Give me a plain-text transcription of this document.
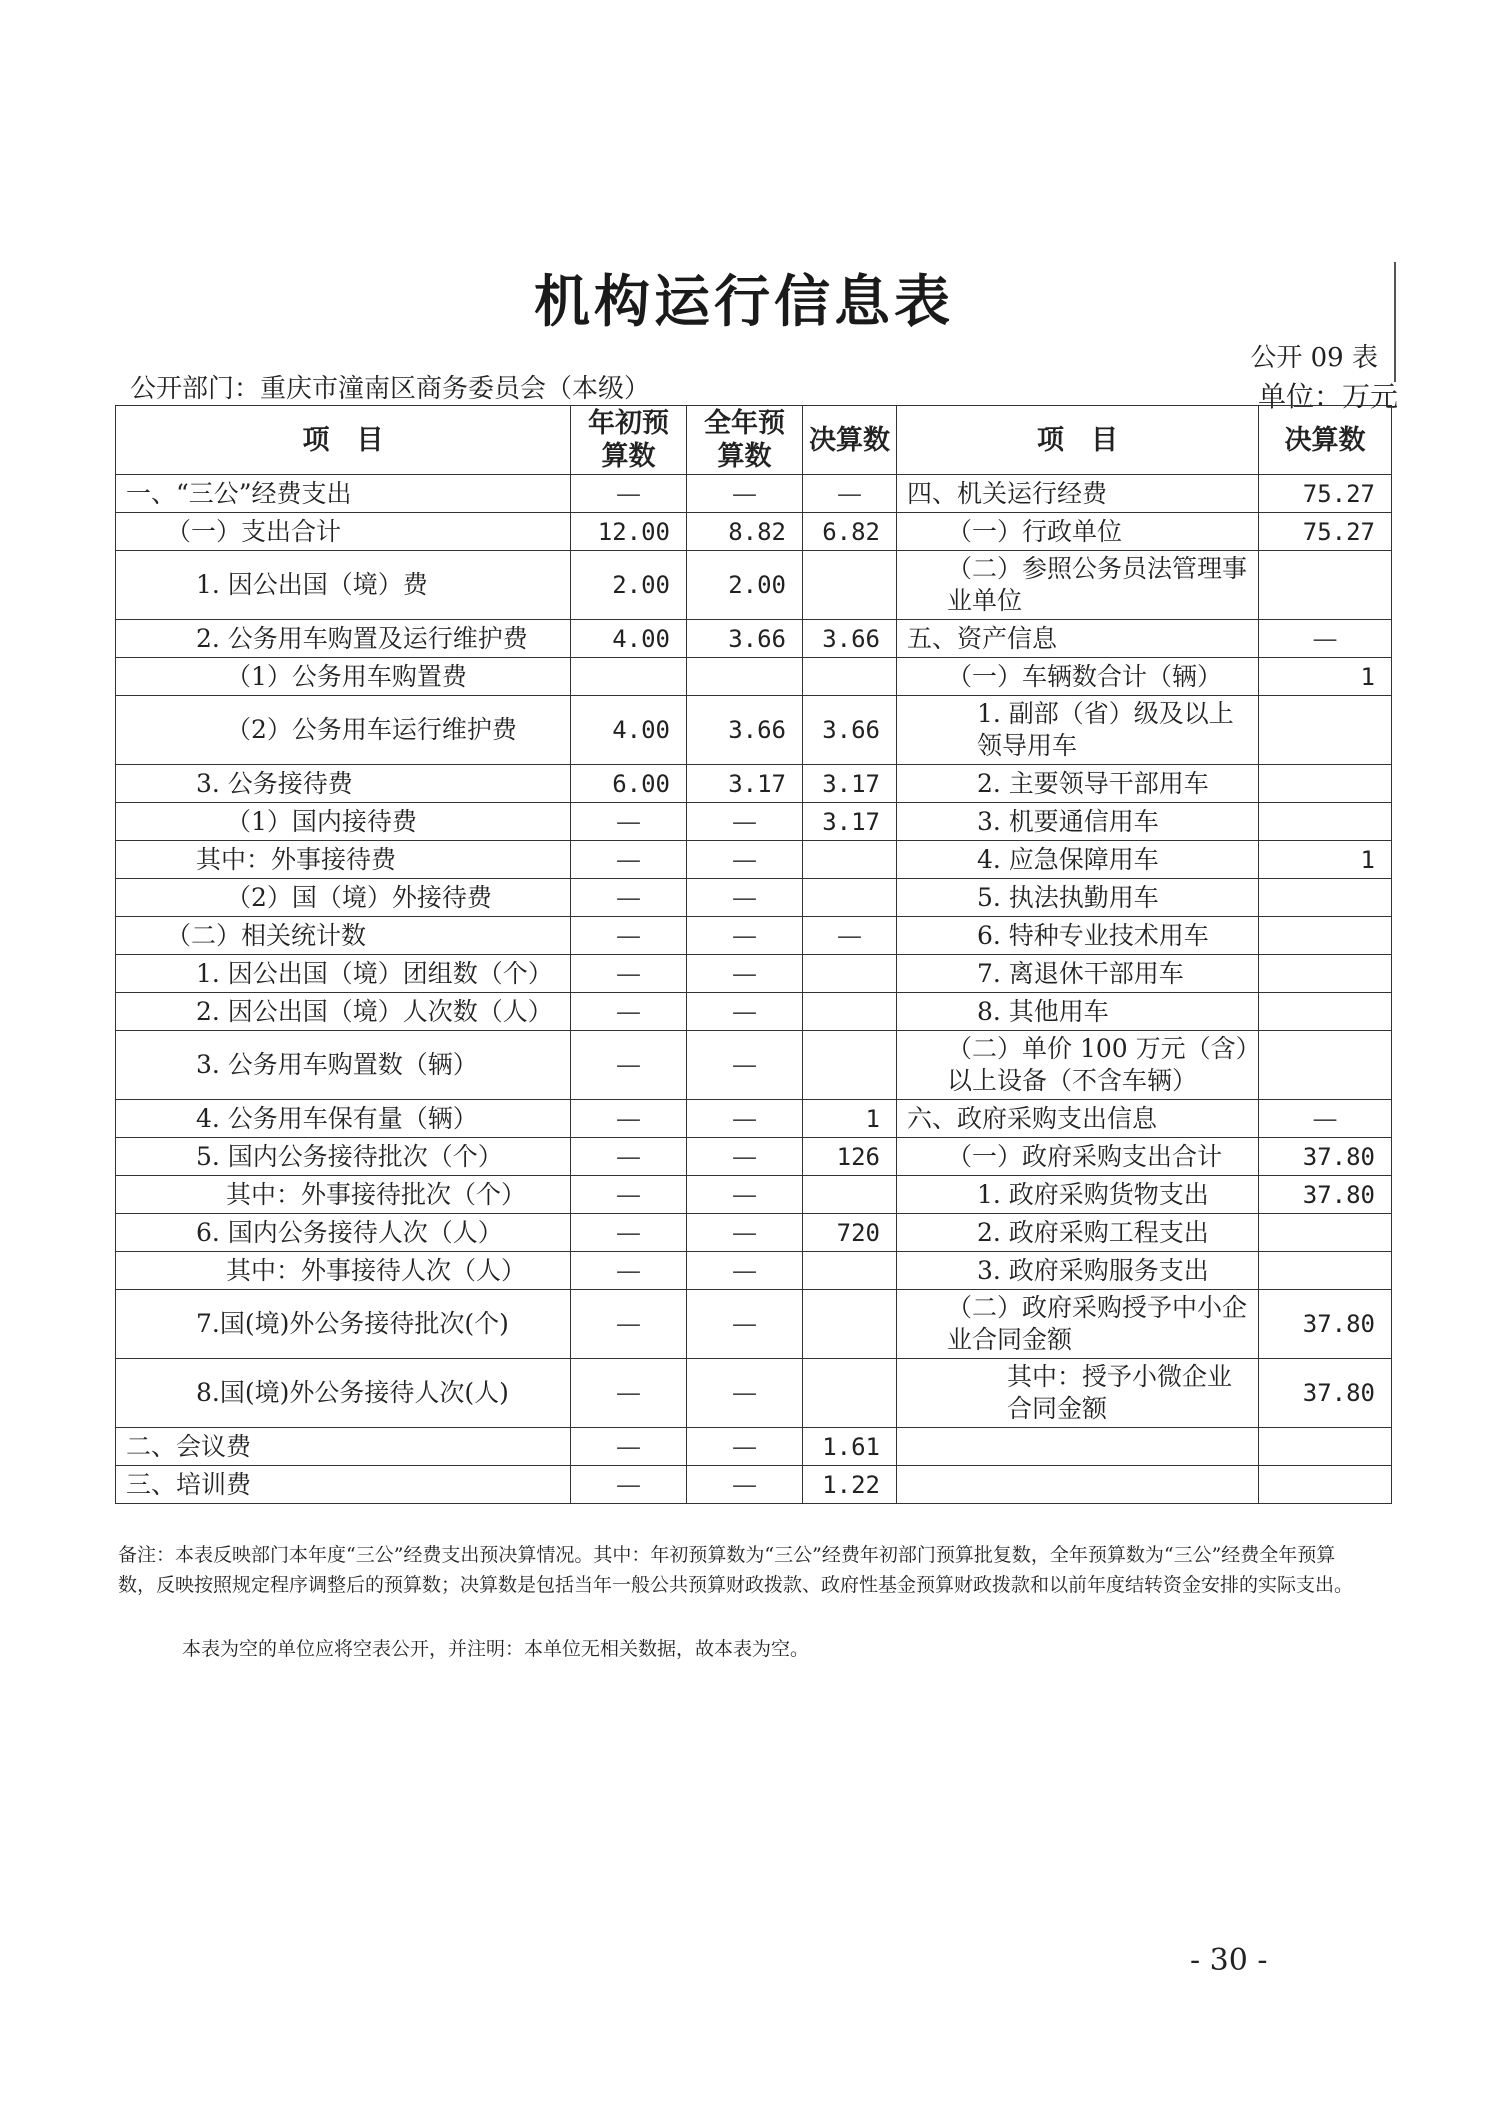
机构运行信息表
公开 09 表
公开部门：重庆市潼南区商务委员会（本级）	单位：万元
项　目	年初预算数	全年预算数	决算数	项　目	决算数
一、“三公”经费支出	—	—	—	四、机关运行经费	75.27
（一）支出合计	12.00	8.82	6.82	（一）行政单位	75.27
1. 因公出国（境）费	2.00	2.00		（二）参照公务员法管理事业单位	
2. 公务用车购置及运行维护费	4.00	3.66	3.66	五、资产信息	—
（1）公务用车购置费				（一）车辆数合计（辆）	1
（2）公务用车运行维护费	4.00	3.66	3.66	1. 副部（省）级及以上领导用车	
3. 公务接待费	6.00	3.17	3.17	2. 主要领导干部用车	
（1）国内接待费	—	—	3.17	3. 机要通信用车	
其中：外事接待费	—	—		4. 应急保障用车	1
（2）国（境）外接待费	—	—		5. 执法执勤用车	
（二）相关统计数	—	—	—	6. 特种专业技术用车	
1. 因公出国（境）团组数（个）	—	—		7. 离退休干部用车	
2. 因公出国（境）人次数（人）	—	—		8. 其他用车	
3. 公务用车购置数（辆）	—	—		（二）单价 100 万元（含）以上设备（不含车辆）	
4. 公务用车保有量（辆）	—	—	1	六、政府采购支出信息	—
5. 国内公务接待批次（个）	—	—	126	（一）政府采购支出合计	37.80
其中：外事接待批次（个）	—	—		1. 政府采购货物支出	37.80
6. 国内公务接待人次（人）	—	—	720	2. 政府采购工程支出	
其中：外事接待人次（人）	—	—		3. 政府采购服务支出	
7.国(境)外公务接待批次(个)	—	—		（二）政府采购授予中小企业合同金额	37.80
8.国(境)外公务接待人次(人)	—	—		其中：授予小微企业合同金额	37.80
二、会议费	—	—	1.61		
三、培训费	—	—	1.22		
备注：本表反映部门本年度“三公”经费支出预决算情况。其中：年初预算数为“三公”经费年初部门预算批复数，全年预算数为“三公”经费全年预算数，反映按照规定程序调整后的预算数；决算数是包括当年一般公共预算财政拨款、政府性基金预算财政拨款和以前年度结转资金安排的实际支出。
本表为空的单位应将空表公开，并注明：本单位无相关数据，故本表为空。
- 30 -
